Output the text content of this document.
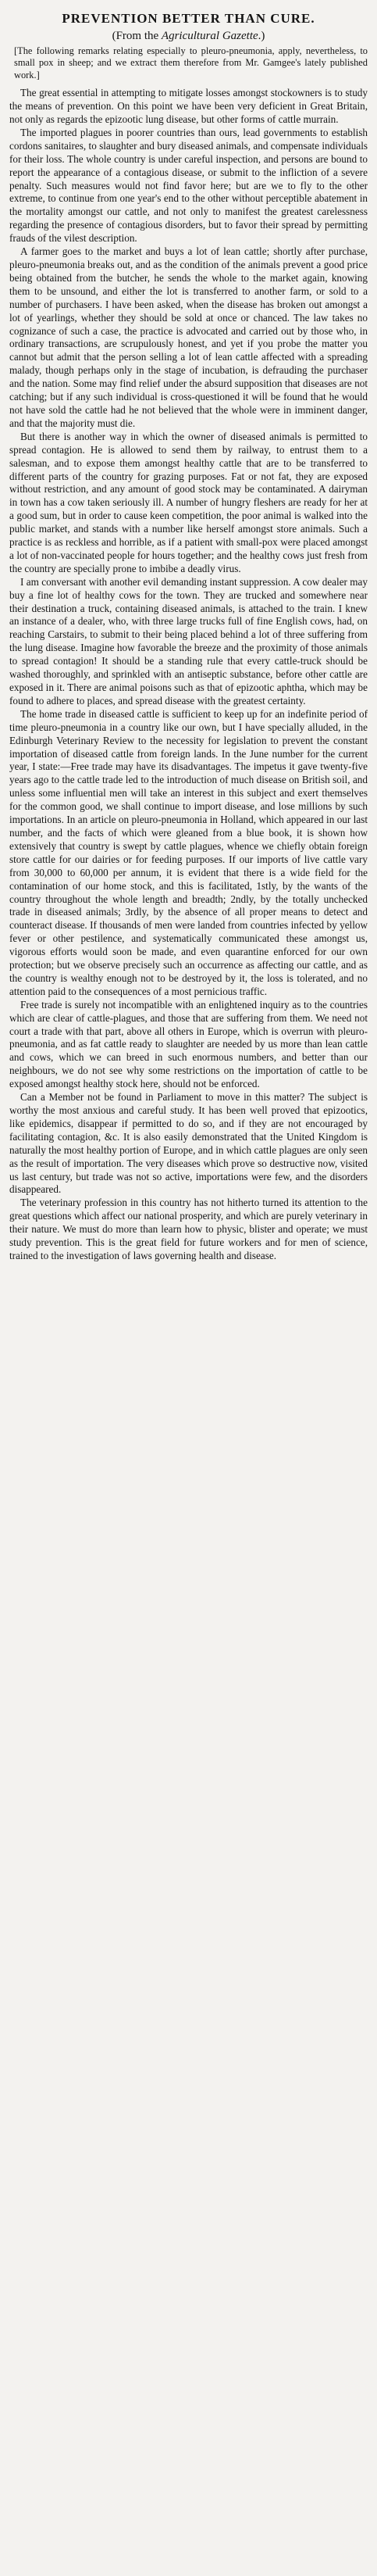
PREVENTION BETTER THAN CURE.
(From the Agricultural Gazette.)

[The following remarks relating especially to pleuro-pneumonia, apply, nevertheless, to small pox in sheep; and we extract them therefore from Mr. Gamgee's lately published work.]

The great essential in attempting to mitigate losses amongst stockowners is to study the means of prevention. On this point we have been very deficient in Great Britain, not only as regards the epizootic lung disease, but other forms of cattle murrain.

The imported plagues in poorer countries than ours, lead governments to establish cordons sanitaires, to slaughter and bury diseased animals, and compensate individuals for their loss. The whole country is under careful inspection, and persons are bound to report the appearance of a contagious disease, or submit to the infliction of a severe penalty. Such measures would not find favor here; but are we to fly to the other extreme, to continue from one year's end to the other without perceptible abatement in the mortality amongst our cattle, and not only to manifest the greatest carelessness regarding the presence of contagious disorders, but to favor their spread by permitting frauds of the vilest description.

A farmer goes to the market and buys a lot of lean cattle; shortly after purchase, pleuro-pneumonia breaks out, and as the condition of the animals prevent a good price being obtained from the butcher, he sends the whole to the market again, knowing them to be unsound, and either the lot is transferred to another farm, or sold to a number of purchasers. I have been asked, when the disease has broken out amongst a lot of yearlings, whether they should be sold at once or chanced. The law takes no cognizance of such a case, the practice is advocated and carried out by those who, in ordinary transactions, are scrupulously honest, and yet if you probe the matter you cannot but admit that the person selling a lot of lean cattle affected with a spreading malady, though perhaps only in the stage of incubation, is defrauding the purchaser and the nation. Some may find relief under the absurd supposition that diseases are not catching; but if any such individual is cross-questioned it will be found that he would not have sold the cattle had he not believed that the whole were in imminent danger, and that the majority must die.

But there is another way in which the owner of diseased animals is permitted to spread contagion. He is allowed to send them by railway, to entrust them to a salesman, and to expose them amongst healthy cattle that are to be transferred to different parts of the country for grazing purposes. Fat or not fat, they are exposed without restriction, and any amount of good stock may be contaminated. A dairyman in town has a cow taken seriously ill. A number of hungry fleshers are ready for her at a good sum, but in order to cause keen competition, the poor animal is walked into the public market, and stands with a number like herself amongst store animals. Such a practice is as reckless and horrible, as if a patient with small-pox were placed amongst a lot of non-vaccinated people for hours together; and the healthy cows just fresh from the country are specially prone to imbibe a deadly virus.

I am conversant with another evil demanding instant suppression. A cow dealer may buy a fine lot of healthy cows for the town. They are trucked and somewhere near their destination a truck, containing diseased animals, is attached to the train. I knew an instance of a dealer, who, with three large trucks full of fine English cows, had, on reaching Carstairs, to submit to their being placed behind a lot of three suffering from the lung disease. Imagine how favorable the breeze and the proximity of those animals to spread contagion! It should be a standing rule that every cattle-truck should be washed thoroughly, and sprinkled with an antiseptic substance, before other cattle are exposed in it. There are animal poisons such as that of epizootic aphtha, which may be found to adhere to places, and spread disease with the greatest certainty.

The home trade in diseased cattle is sufficient to keep up for an indefinite period of time pleuro-pneumonia in a country like our own, but I have specially alluded, in the Edinburgh Veterinary Review to the necessity for legislation to prevent the constant importation of diseased cattle from foreign lands. In the June number for the current year, I state:—Free trade may have its disadvantages. The impetus it gave twenty-five years ago to the cattle trade led to the introduction of much disease on British soil, and unless some influential men will take an interest in this subject and exert themselves for the common good, we shall continue to import disease, and lose millions by such importations. In an article on pleuro-pneumonia in Holland, which appeared in our last number, and the facts of which were gleaned from a blue book, it is shown how extensively that country is swept by cattle plagues, whence we chiefly obtain foreign store cattle for our dairies or for feeding purposes. If our imports of live cattle vary from 30,000 to 60,000 per annum, it is evident that there is a wide field for the contamination of our home stock, and this is facilitated, 1stly, by the wants of the country throughout the whole length and breadth; 2ndly, by the totally unchecked trade in diseased animals; 3rdly, by the absence of all proper means to detect and counteract disease. If thousands of men were landed from countries infected by yellow fever or other pestilence, and systematically communicated these amongst us, vigorous efforts would soon be made, and even quarantine enforced for our own protection; but we observe precisely such an occurrence as affecting our cattle, and as the country is wealthy enough not to be destroyed by it, the loss is tolerated, and no attention paid to the consequences of a most pernicious traffic.

Free trade is surely not incompatible with an enlightened inquiry as to the countries which are clear of cattle-plagues, and those that are suffering from them. We need not court a trade with that part, above all others in Europe, which is overrun with pleuro-pneumonia, and as fat cattle ready to slaughter are needed by us more than lean cattle and cows, which we can breed in such enormous numbers, and better than our neighbours, we do not see why some restrictions on the importation of cattle to be exposed amongst healthy stock here, should not be enforced.

Can a Member not be found in Parliament to move in this matter? The subject is worthy the most anxious and careful study. It has been well proved that epizootics, like epidemics, disappear if permitted to do so, and if they are not encouraged by facilitating contagion, &c. It is also easily demonstrated that the United Kingdom is naturally the most healthy portion of Europe, and in which cattle plagues are only seen as the result of importation. The very diseases which prove so destructive now, visited us last century, but trade was not so active, importations were few, and the disorders disappeared.

The veterinary profession in this country has not hitherto turned its attention to the great questions which affect our national prosperity, and which are purely veterinary in their nature. We must do more than learn how to physic, blister and operate; we must study prevention. This is the great field for future workers and for men of science, trained to the investigation of laws governing health and disease.
